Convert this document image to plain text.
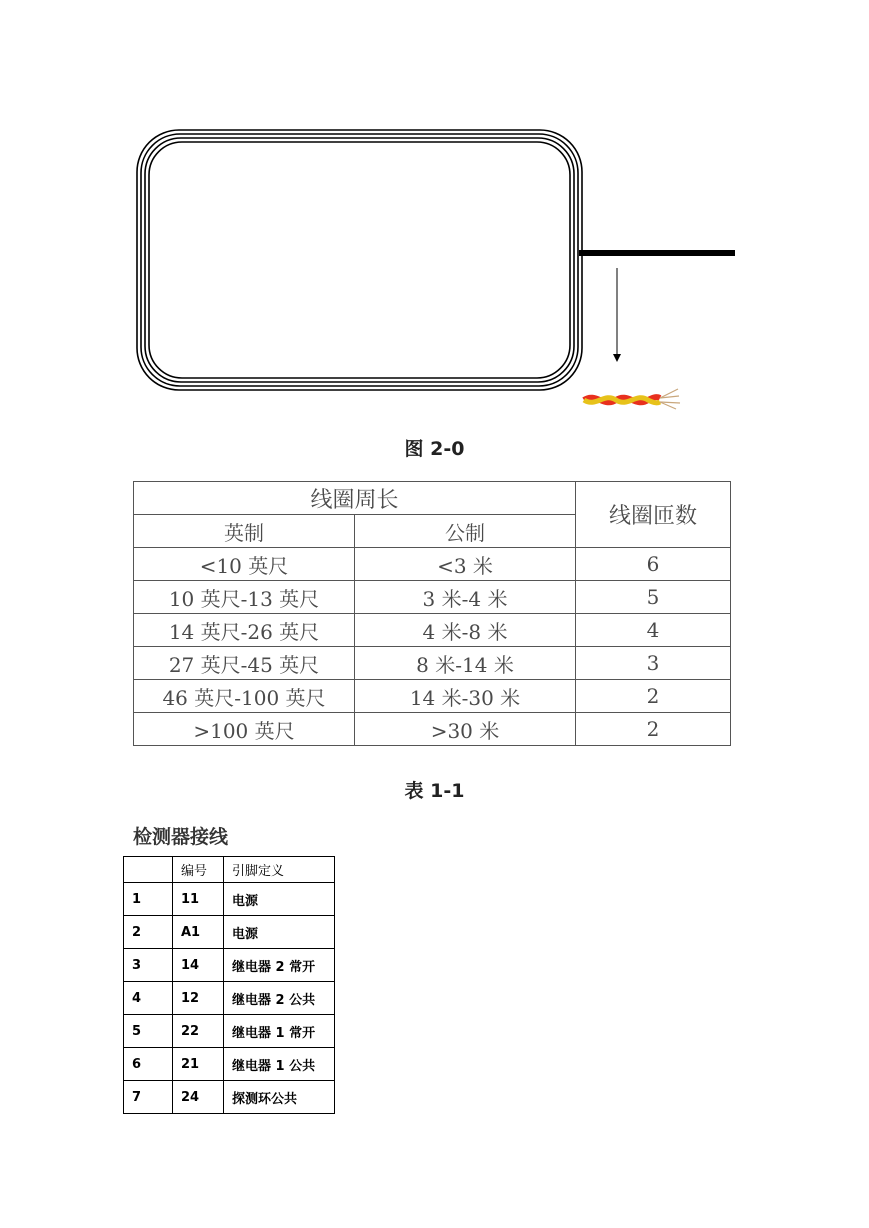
图 2-0
线圈周长		线圈匝数
英制	公制	
<10 英尺	<3 米	6
10 英尺-13 英尺	3 米-4 米	5
14 英尺-26 英尺	4 米-8 米	4
27 英尺-45 英尺	8 米-14 米	3
46 英尺-100 英尺	14 米-30 米	2
>100 英尺	>30 米	2
表 1-1
检测器接线
	编号	引脚定义
1	11	电源
2	A1	电源
3	14	继电器 2 常开
4	12	继电器 2 公共
5	22	继电器 1 常开
6	21	继电器 1 公共
7	24	探测环公共
